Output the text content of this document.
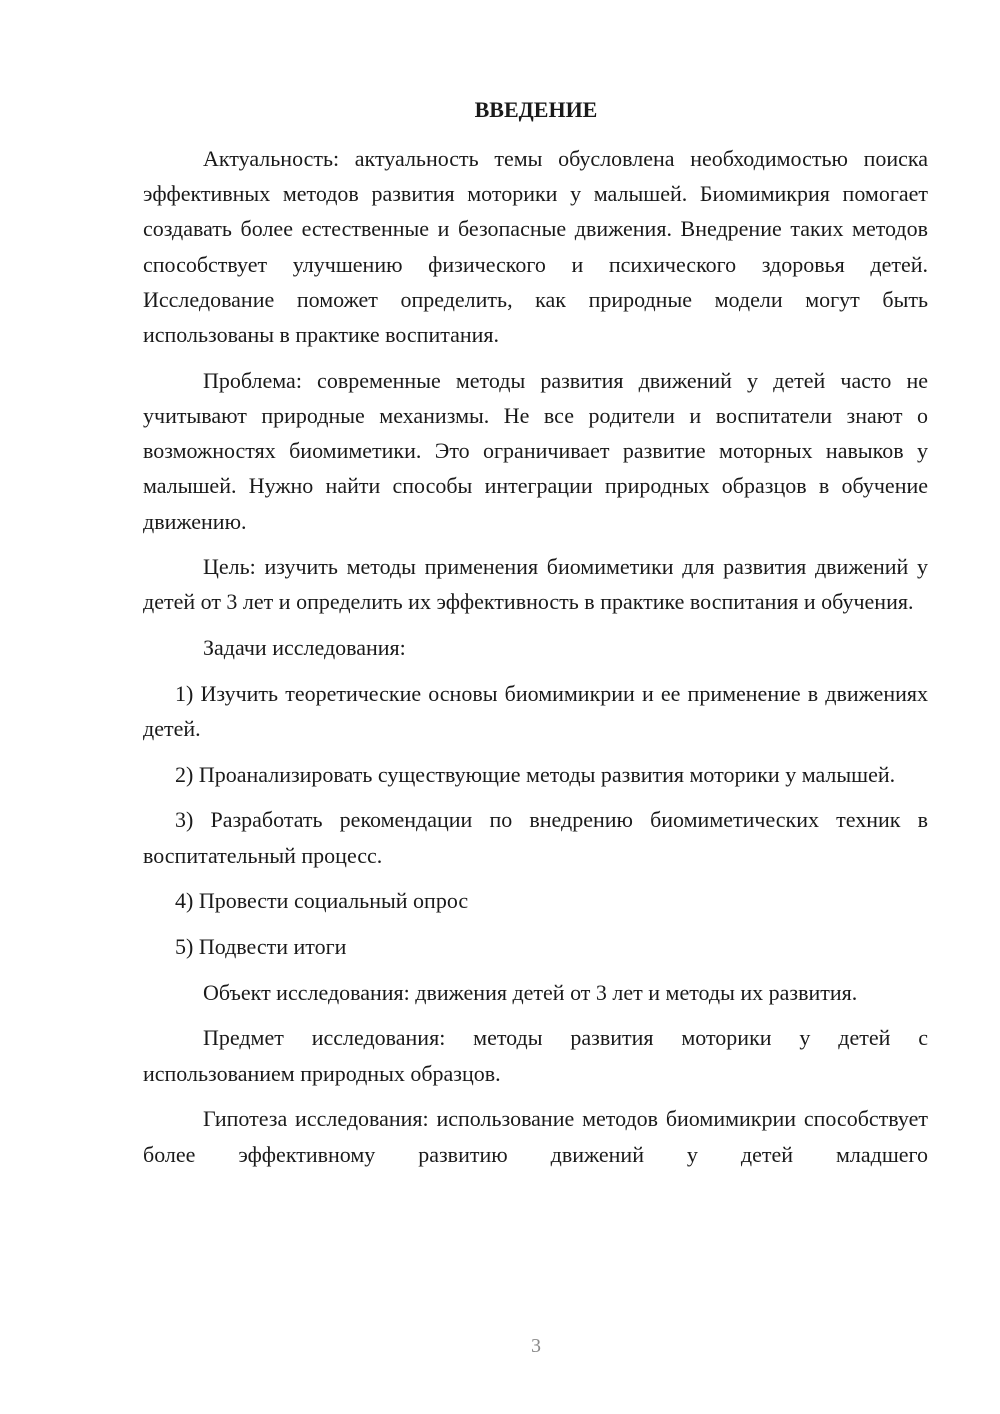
ВВЕДЕНИЕ

Актуальность: актуальность темы обусловлена необходимостью поиска эффективных методов развития моторики у малышей. Биомимикрия помогает создавать более естественные и безопасные движения. Внедрение таких методов способствует улучшению физического и психического здоровья детей. Исследование поможет определить, как природные модели могут быть использованы в практике воспитания.

Проблема: современные методы развития движений у детей часто не учитывают природные механизмы. Не все родители и воспитатели знают о возможностях биомиметики. Это ограничивает развитие моторных навыков у малышей. Нужно найти способы интеграции природных образцов в обучение движению.

Цель: изучить методы применения биомиметики для развития движений у детей от 3 лет и определить их эффективность в практике воспитания и обучения.

Задачи исследования:

1) Изучить теоретические основы биомимикрии и ее применение в движениях детей.

2) Проанализировать существующие методы развития моторики у малышей.

3) Разработать рекомендации по внедрению биомиметических техник в воспитательный процесс.

4) Провести социальный опрос

5) Подвести итоги

Объект исследования: движения детей от 3 лет и методы их развития.

Предмет исследования: методы развития моторики у детей с использованием природных образцов.

Гипотеза исследования: использование методов биомимикрии способствует более эффективному развитию движений у детей младшего

3
